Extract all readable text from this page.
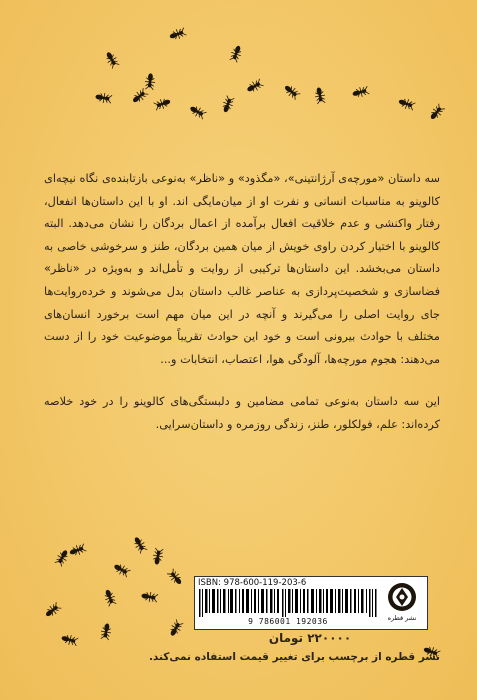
سه داستان «مورچه‌ی آرژانتینی»، «مگذود» و «ناظر» به‌نوعی بازتابنده‌ی نگاه نیچه‌ای کالوینو به مناسبات انسانی و نفرت او از میان‌مایگی اند. او با این داستان‌ها انفعال، رفتار واکنشی و عدم خلاقیت افعال برآمده از اعمال بردگان را نشان می‌دهد. البته کالوینو با اختیار کردن راوی خویش از میان همین بردگان، طنز و سرخوشی خاصی به داستان می‌بخشد. این داستان‌ها ترکیبی از روایت و تأمل‌اند و به‌ویژه در «ناظر» فضاسازی و شخصیت‌پردازی به عناصر غالب داستان بدل می‌شوند و خرده‌روایت‌ها جای روایت اصلی را می‌گیرند و آنچه در این میان مهم است برخورد انسان‌های مختلف با حوادث بیرونی است و خود این حوادث تقریباً موضوعیت خود را از دست می‌دهند: هجوم مورچه‌ها، آلودگی هوا، اعتصاب، انتخابات و...

این سه داستان به‌نوعی تمامی مضامین و دلبستگی‌های کالوینو را در خود خلاصه کرده‌اند: علم، فولکلور، طنز، زندگی روزمره و داستان‌سرایی.

ISBN: 978-600-119-203-6
9 786001 192036	نشر قطره
۲۲۰۰۰۰ تومان
نشر قطره از برچسب برای تغییر قیمت استفاده نمی‌کند.
